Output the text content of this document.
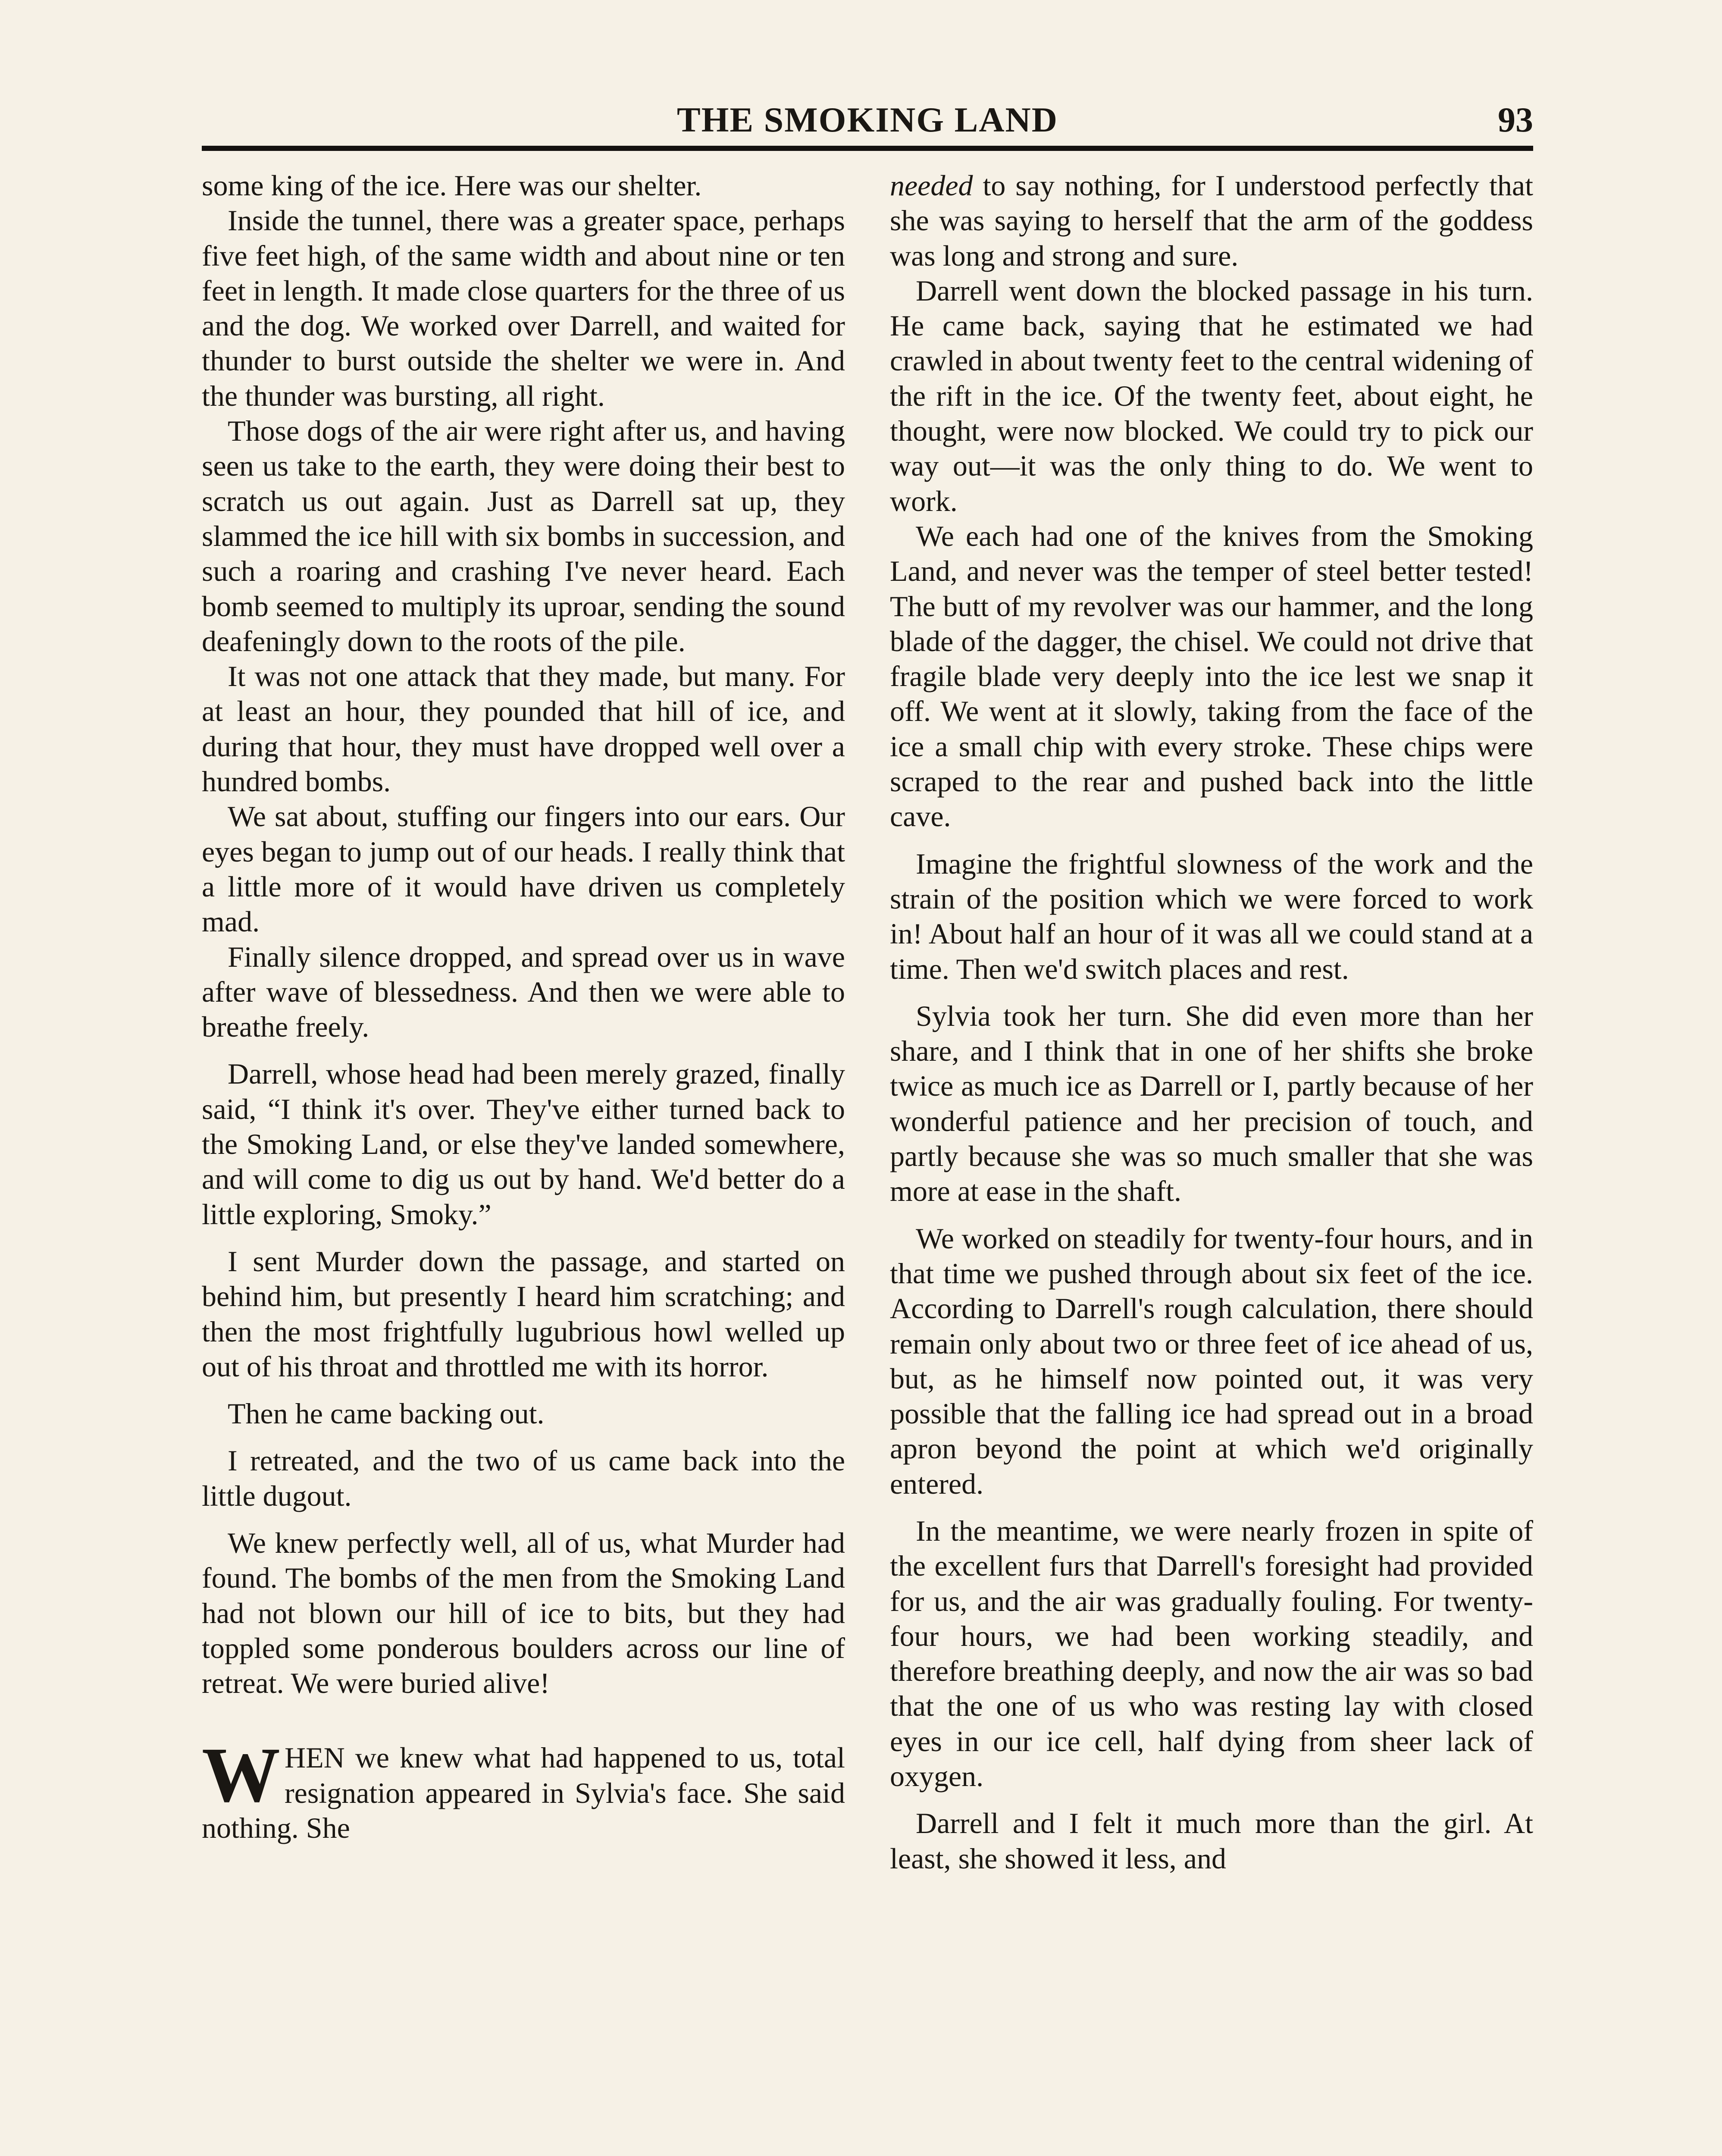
THE SMOKING LAND	93

some king of the ice. Here was our shelter.

Inside the tunnel, there was a greater space, perhaps five feet high, of the same width and about nine or ten feet in length. It made close quarters for the three of us and the dog. We worked over Darrell, and waited for thunder to burst outside the shelter we were in. And the thunder was bursting, all right.

Those dogs of the air were right after us, and having seen us take to the earth, they were doing their best to scratch us out again. Just as Darrell sat up, they slammed the ice hill with six bombs in succession, and such a roaring and crashing I've never heard. Each bomb seemed to multiply its uproar, sending the sound deafeningly down to the roots of the pile.

It was not one attack that they made, but many. For at least an hour, they pounded that hill of ice, and during that hour, they must have dropped well over a hundred bombs.

We sat about, stuffing our fingers into our ears. Our eyes began to jump out of our heads. I really think that a little more of it would have driven us completely mad.

Finally silence dropped, and spread over us in wave after wave of blessedness. And then we were able to breathe freely.

Darrell, whose head had been merely grazed, finally said, “I think it's over. They've either turned back to the Smoking Land, or else they've landed somewhere, and will come to dig us out by hand. We'd better do a little exploring, Smoky.”

I sent Murder down the passage, and started on behind him, but presently I heard him scratching; and then the most frightfully lugubrious howl welled up out of his throat and throttled me with its horror.

Then he came backing out.

I retreated, and the two of us came back into the little dugout.

We knew perfectly well, all of us, what Murder had found. The bombs of the men from the Smoking Land had not blown our hill of ice to bits, but they had toppled some ponderous boulders across our line of retreat. We were buried alive!

WHEN we knew what had happened to us, total resignation appeared in Sylvia's face. She said nothing. She

needed to say nothing, for I understood perfectly that she was saying to herself that the arm of the goddess was long and strong and sure.

Darrell went down the blocked passage in his turn. He came back, saying that he estimated we had crawled in about twenty feet to the central widening of the rift in the ice. Of the twenty feet, about eight, he thought, were now blocked. We could try to pick our way out—it was the only thing to do. We went to work.

We each had one of the knives from the Smoking Land, and never was the temper of steel better tested! The butt of my revolver was our hammer, and the long blade of the dagger, the chisel. We could not drive that fragile blade very deeply into the ice lest we snap it off. We went at it slowly, taking from the face of the ice a small chip with every stroke. These chips were scraped to the rear and pushed back into the little cave.

Imagine the frightful slowness of the work and the strain of the position which we were forced to work in! About half an hour of it was all we could stand at a time. Then we'd switch places and rest.

Sylvia took her turn. She did even more than her share, and I think that in one of her shifts she broke twice as much ice as Darrell or I, partly because of her wonderful patience and her precision of touch, and partly because she was so much smaller that she was more at ease in the shaft.

We worked on steadily for twenty-four hours, and in that time we pushed through about six feet of the ice. According to Darrell's rough calculation, there should remain only about two or three feet of ice ahead of us, but, as he himself now pointed out, it was very possible that the falling ice had spread out in a broad apron beyond the point at which we'd originally entered.

In the meantime, we were nearly frozen in spite of the excellent furs that Darrell's foresight had provided for us, and the air was gradually fouling. For twenty-four hours, we had been working steadily, and therefore breathing deeply, and now the air was so bad that the one of us who was resting lay with closed eyes in our ice cell, half dying from sheer lack of oxygen.

Darrell and I felt it much more than the girl. At least, she showed it less, and
